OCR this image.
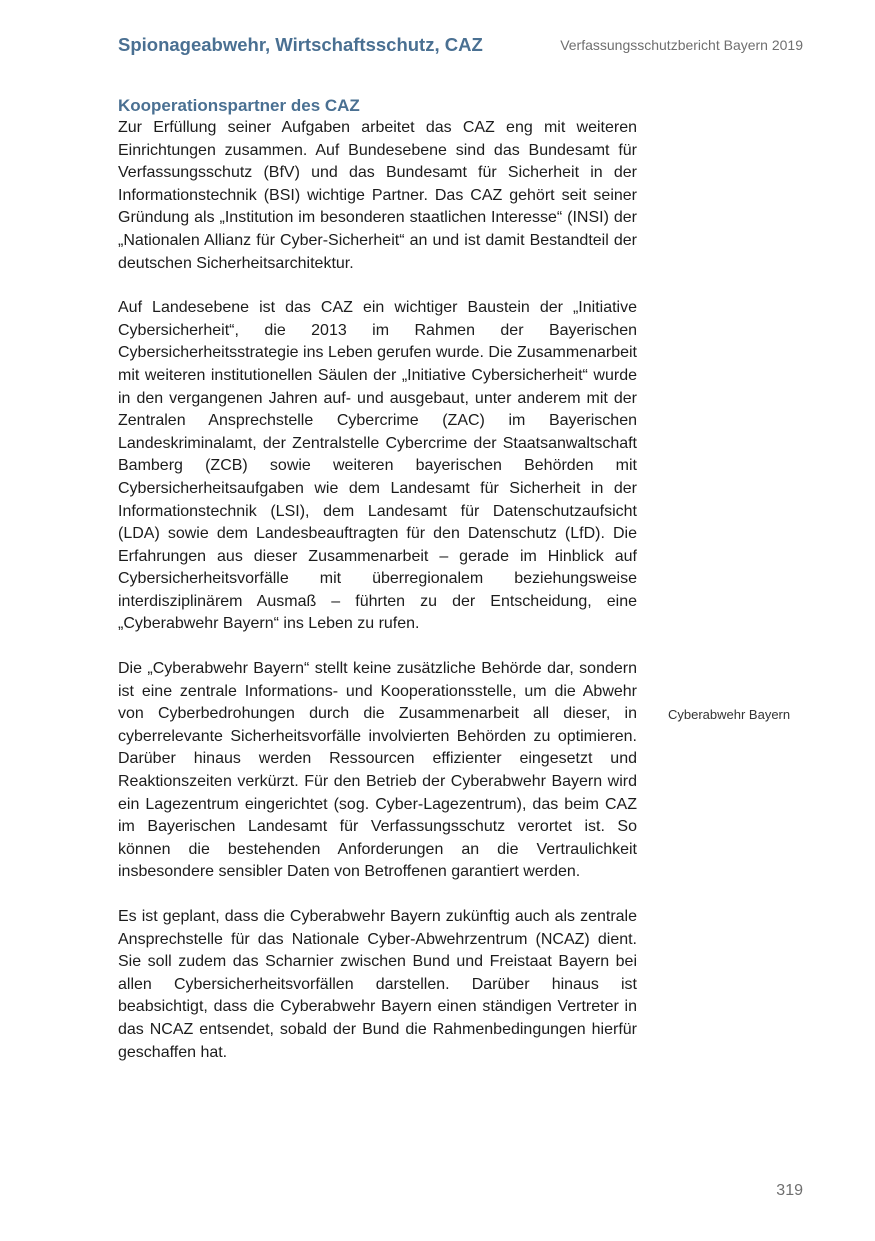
Spionageabwehr, Wirtschaftsschutz, CAZ	Verfassungsschutzbericht Bayern 2019
Kooperationspartner des CAZ

Zur Erfüllung seiner Aufgaben arbeitet das CAZ eng mit weiteren Einrichtungen zusammen. Auf Bundesebene sind das Bundesamt für Verfassungsschutz (BfV) und das Bundesamt für Sicherheit in der Informationstechnik (BSI) wichtige Partner. Das CAZ gehört seit seiner Gründung als „Institution im besonderen staatlichen Interesse“ (INSI) der „Nationalen Allianz für Cyber-Sicherheit“ an und ist damit Bestandteil der deutschen Sicherheitsarchitektur.

Auf Landesebene ist das CAZ ein wichtiger Baustein der „Initiative Cybersicherheit“, die 2013 im Rahmen der Bayerischen Cybersicherheitsstrategie ins Leben gerufen wurde. Die Zusammenarbeit mit weiteren institutionellen Säulen der „Initiative Cybersicherheit“ wurde in den vergangenen Jahren auf- und ausgebaut, unter anderem mit der Zentralen Ansprechstelle Cybercrime (ZAC) im Bayerischen Landeskriminalamt, der Zentralstelle Cybercrime der Staatsanwaltschaft Bamberg (ZCB) sowie weiteren bayerischen Behörden mit Cybersicherheitsaufgaben wie dem Landesamt für Sicherheit in der Informationstechnik (LSI), dem Landesamt für Datenschutzaufsicht (LDA) sowie dem Landesbeauftragten für den Datenschutz (LfD). Die Erfahrungen aus dieser Zusammenarbeit – gerade im Hinblick auf Cybersicherheitsvorfälle mit überregionalem beziehungsweise interdisziplinärem Ausmaß – führten zu der Entscheidung, eine „Cyberabwehr Bayern“ ins Leben zu rufen.

Die „Cyberabwehr Bayern“ stellt keine zusätzliche Behörde dar, sondern ist eine zentrale Informations- und Kooperationsstelle, um die Abwehr von Cyberbedrohungen durch die Zusammenarbeit all dieser, in cyberrelevante Sicherheitsvorfälle involvierten Behörden zu optimieren. Darüber hinaus werden Ressourcen effizienter eingesetzt und Reaktionszeiten verkürzt. Für den Betrieb der Cyberabwehr Bayern wird ein Lagezentrum eingerichtet (sog. Cyber-Lagezentrum), das beim CAZ im Bayerischen Landesamt für Verfassungsschutz verortet ist. So können die bestehenden Anforderungen an die Vertraulichkeit insbesondere sensibler Daten von Betroffenen garantiert werden.

Es ist geplant, dass die Cyberabwehr Bayern zukünftig auch als zentrale Ansprechstelle für das Nationale Cyber-Abwehrzentrum (NCAZ) dient. Sie soll zudem das Scharnier zwischen Bund und Freistaat Bayern bei allen Cybersicherheitsvorfällen darstellen. Darüber hinaus ist beabsichtigt, dass die Cyberabwehr Bayern einen ständigen Vertreter in das NCAZ entsendet, sobald der Bund die Rahmenbedingungen hierfür geschaffen hat.

Cyberabwehr Bayern
319
